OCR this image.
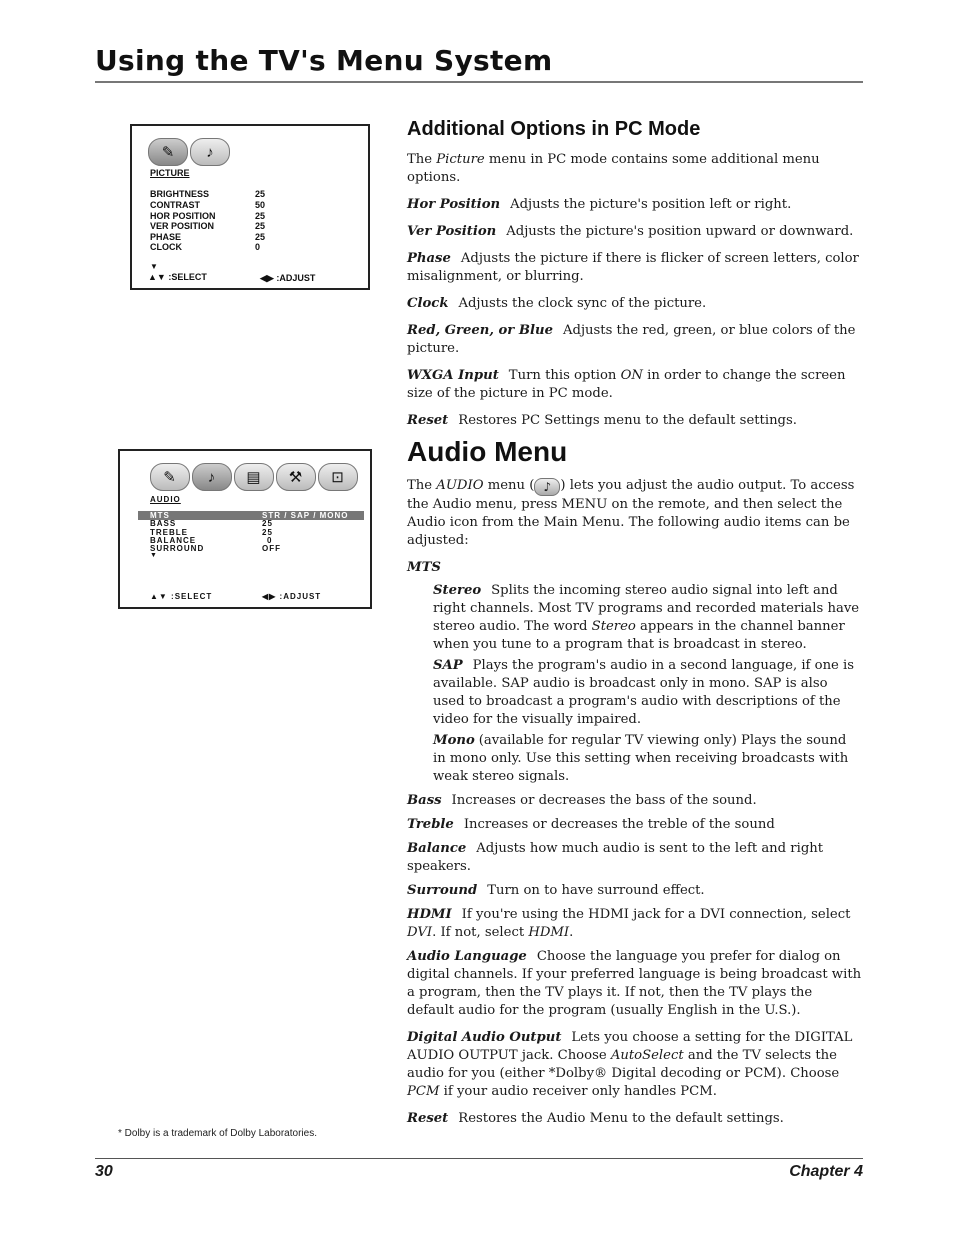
Using the TV's Menu System
✎	♪
PICTURE
BRIGHTNESS	25
CONTRAST	50
HOR POSITION	25
VER POSITION	25
PHASE	25
CLOCK	0
▼
▲▼ :SELECT	◀▶ :ADJUST
Additional Options in PC Mode

The Picture menu in PC mode contains some additional menu options.

Hor Position Adjusts the picture's position left or right.

Ver Position Adjusts the picture's position upward or downward.

Phase Adjusts the picture if there is flicker of screen letters, color misalignment, or blurring.

Clock Adjusts the clock sync of the picture.

Red, Green, or Blue Adjusts the red, green, or blue colors of the picture.

WXGA Input Turn this option ON in order to change the screen size of the picture in PC mode.

Reset Restores PC Settings menu to the default settings.

✎	♪	▤	⚒	⊡
AUDIO
MTS	STR / SAP / MONO
BASS	25
TREBLE	25
BALANCE	0
SURROUND	OFF
▼
▲▼ :SELECT	◀▶ :ADJUST
Audio Menu

The AUDIO menu ( ♪ ) lets you adjust the audio output. To access the Audio menu, press MENU on the remote, and then select the Audio icon from the Main Menu. The following audio items can be adjusted:

MTS

Stereo Splits the incoming stereo audio signal into left and right channels. Most TV programs and recorded materials have stereo audio. The word Stereo appears in the channel banner when you tune to a program that is broadcast in stereo.

SAP Plays the program's audio in a second language, if one is available. SAP audio is broadcast only in mono. SAP is also used to broadcast a program's audio with descriptions of the video for the visually impaired.

Mono (available for regular TV viewing only) Plays the sound in mono only. Use this setting when receiving broadcasts with weak stereo signals.

Bass Increases or decreases the bass of the sound.

Treble Increases or decreases the treble of the sound

Balance Adjusts how much audio is sent to the left and right speakers.

Surround Turn on to have surround effect.

HDMI If you're using the HDMI jack for a DVI connection, select DVI. If not, select HDMI.

Audio Language Choose the language you prefer for dialog on digital channels. If your preferred language is being broadcast with a program, then the TV plays it. If not, then the TV plays the default audio for the program (usually English in the U.S.).

Digital Audio Output Lets you choose a setting for the DIGITAL AUDIO OUTPUT jack. Choose AutoSelect and the TV selects the audio for you (either *Dolby® Digital decoding or PCM). Choose PCM if your audio receiver only handles PCM.

Reset Restores the Audio Menu to the default settings.

* Dolby is a trademark of Dolby Laboratories.
30	Chapter 4
